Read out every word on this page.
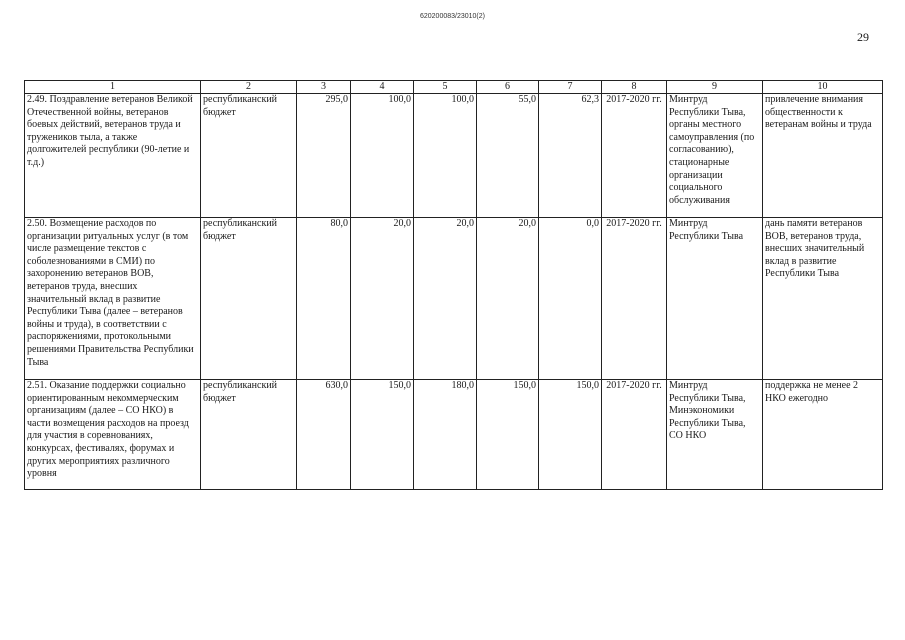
620200083/23010(2)
29
1	2	3	4	5	6	7	8	9	10
2.49. Поздравление ветеранов Великой Отечественной войны, ветеранов боевых действий, ветеранов труда и тружеников тыла, а также долгожителей республики (90-летие и т.д.)	республиканский бюджет	295,0	100,0	100,0	55,0	62,3	2017-2020 гг.	Минтруд Республики Тыва, органы местного самоуправления (по согласованию), стационарные организации социального обслуживания	привлечение внимания общественности к ветеранам войны и труда
2.50. Возмещение расходов по организации ритуальных услуг (в том числе размещение текстов с соболезнованиями в СМИ) по захоронению ветеранов ВОВ, ветеранов труда, внесших значительный вклад в развитие Республики Тыва (далее – ветеранов войны и труда), в соответствии с распоряжениями, протокольными решениями Правительства Республики Тыва	республиканский бюджет	80,0	20,0	20,0	20,0	0,0	2017-2020 гг.	Минтруд Республики Тыва	дань памяти ветеранов ВОВ, ветеранов труда, внесших значительный вклад в развитие Республики Тыва
2.51. Оказание поддержки социально ориентированным некоммерческим организациям (далее – СО НКО) в части возмещения расходов на проезд для участия в соревнованиях, конкурсах, фестивалях, форумах и других мероприятиях различного уровня	республиканский бюджет	630,0	150,0	180,0	150,0	150,0	2017-2020 гг.	Минтруд Республики Тыва, Минэкономики Республики Тыва, СО НКО	поддержка не менее 2 НКО ежегодно
